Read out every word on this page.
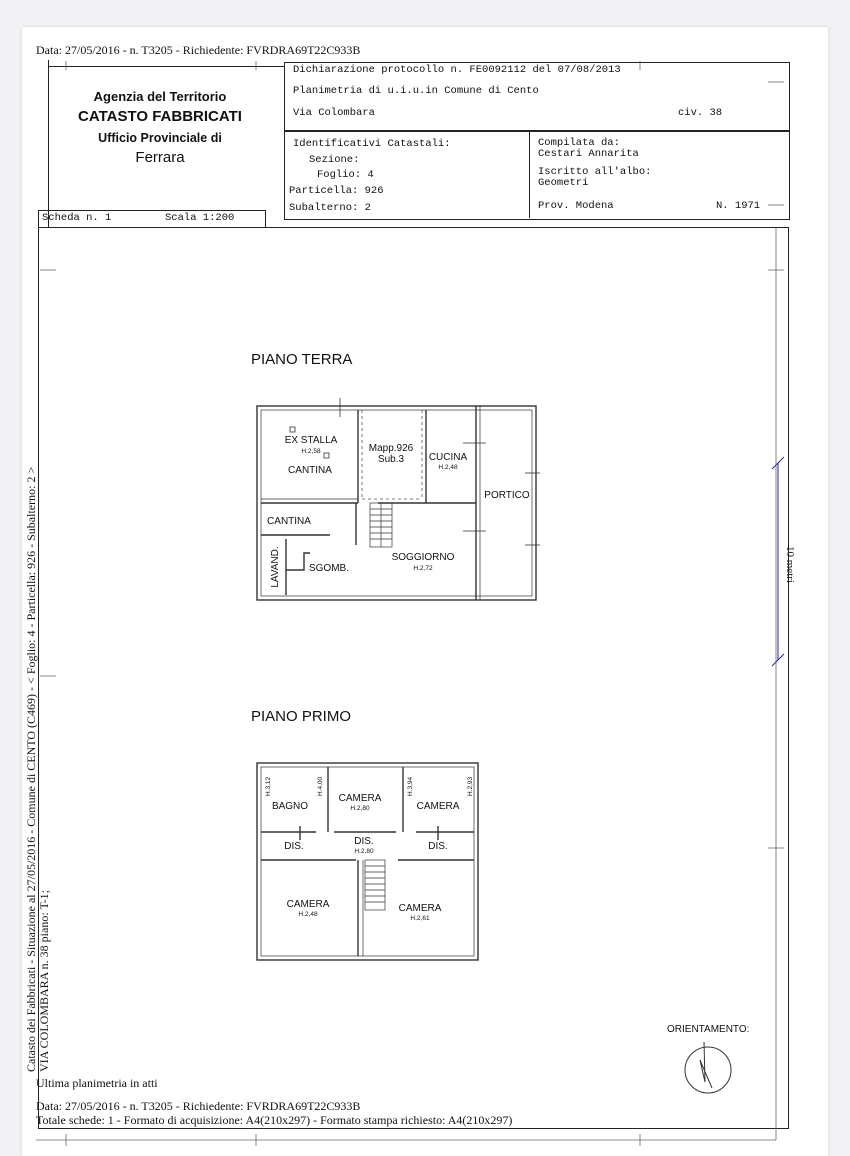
Data: 27/05/2016 - n. T3205 - Richiedente: FVRDRA69T22C933B
Agenzia del Territorio
CATASTO FABBRICATI
Ufficio Provinciale di
Ferrara
Dichiarazione protocollo n. FE0092112 del 07/08/2013
Planimetria di u.i.u.in Comune di Cento
Via Colombara	civ. 38
Identificativi Catastali:
Sezione:
Foglio: 4
Particella: 926
Subalterno: 2
Compilata da:
Cestari Annarita
Iscritto all'albo:
Geometri
Prov. Modena	N. 1971
Scheda n. 1	Scala 1:200
10 metri
Catasto dei Fabbricati - Situazione al 27/05/2016 - Comune di CENTO (C469) - < Foglio: 4 - Particella: 926 - Subalterno: 2 > VIA COLOMBARA n. 38 piano: T-1;
PIANO TERRA
EX STALLA
H.2,58
CANTINA
Mapp.926
Sub.3 CUCINA
H.2,48
PORTICO
CANTINA
LAVAND.	SGOMB.
SOGGIORNO
H.2,72
PIANO PRIMO
BAGNO
CAMERA
H.2,80	CAMERA
DIS.	DIS.
H.2,80	DIS.
CAMERA
H.2,48
CAMERA
H.2,61
H.3,12	H.4,00	H.3,94	H.2,93
ORIENTAMENTO:
Ultima planimetria in atti
Data: 27/05/2016 - n. T3205 - Richiedente: FVRDRA69T22C933B
Totale schede: 1 - Formato di acquisizione: A4(210x297) - Formato stampa richiesto: A4(210x297)
